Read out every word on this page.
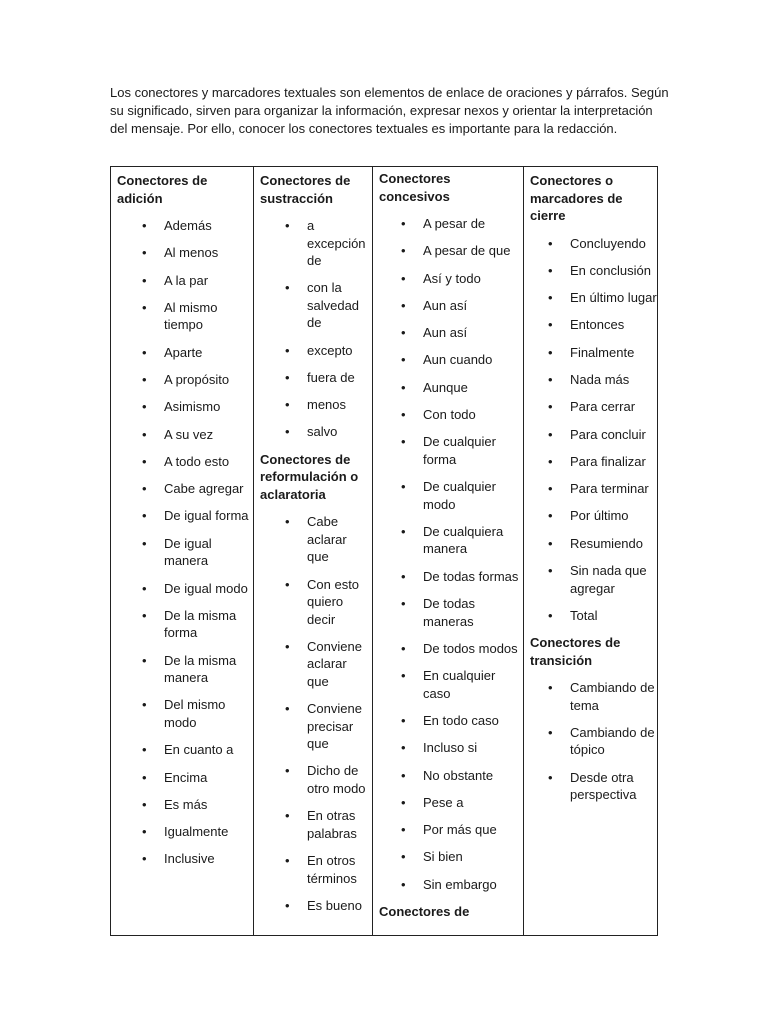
Los conectores y marcadores textuales son elementos de enlace de oraciones y párrafos. Según su significado, sirven para organizar la información, expresar nexos y orientar la interpretación del mensaje. Por ello, conocer los conectores textuales es importante para la redacción.

Conectores de adición

• Además
• Al menos
• A la par
• Al mismo tiempo
• Aparte
• A propósito
• Asimismo
• A su vez
• A todo esto
• Cabe agregar
• De igual forma
• De igual manera
• De igual modo
• De la misma forma
• De la misma manera
• Del mismo modo
• En cuanto a
• Encima
• Es más
• Igualmente
• Inclusive

Conectores de sustracción

• a excepción de
• con la salvedad de
• excepto
• fuera de
• menos
• salvo

Conectores de reformulación o aclaratoria

• Cabe aclarar que
• Con esto quiero decir
• Conviene aclarar que
• Conviene precisar que
• Dicho de otro modo
• En otras palabras
• En otros términos
• Es bueno

Conectores concesivos

• A pesar de
• A pesar de que
• Así y todo
• Aun así
• Aun así
• Aun cuando
• Aunque
• Con todo
• De cualquier forma
• De cualquier modo
• De cualquiera manera
• De todas formas
• De todas maneras
• De todos modos
• En cualquier caso
• En todo caso
• Incluso si
• No obstante
• Pese a
• Por más que
• Si bien
• Sin embargo

Conectores de

Conectores o marcadores de cierre

• Concluyendo
• En conclusión
• En último lugar
• Entonces
• Finalmente
• Nada más
• Para cerrar
• Para concluir
• Para finalizar
• Para terminar
• Por último
• Resumiendo
• Sin nada que agregar
• Total

Conectores de transición

• Cambiando de tema
• Cambiando de tópico
• Desde otra perspectiva
